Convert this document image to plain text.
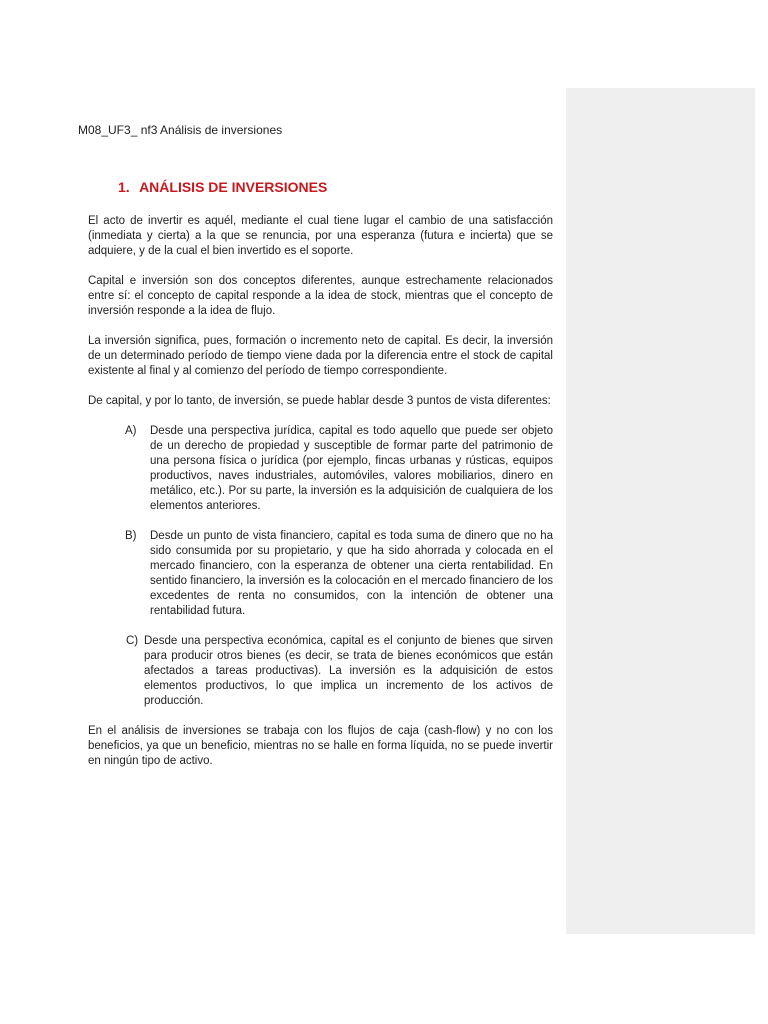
M08_UF3_ nf3 Análisis de inversiones
1. ANÁLISIS DE INVERSIONES

El acto de invertir es aquél, mediante el cual tiene lugar el cambio de una satisfacción (inmediata y cierta) a la que se renuncia, por una esperanza (futura e incierta) que se adquiere, y de la cual el bien invertido es el soporte.

Capital e inversión son dos conceptos diferentes, aunque estrechamente relacionados entre sí: el concepto de capital responde a la idea de stock, mientras que el concepto de inversión responde a la idea de flujo.

La inversión significa, pues, formación o incremento neto de capital. Es decir, la inversión de un determinado período de tiempo viene dada por la diferencia entre el stock de capital existente al final y al comienzo del período de tiempo correspondiente.

De capital, y por lo tanto, de inversión, se puede hablar desde 3 puntos de vista diferentes:

A) Desde una perspectiva jurídica, capital es todo aquello que puede ser objeto de un derecho de propiedad y susceptible de formar parte del patrimonio de una persona física o jurídica (por ejemplo, fincas urbanas y rústicas, equipos productivos, naves industriales, automóviles, valores mobiliarios, dinero en metálico, etc.). Por su parte, la inversión es la adquisición de cualquiera de los elementos anteriores.
B) Desde un punto de vista financiero, capital es toda suma de dinero que no ha sido consumida por su propietario, y que ha sido ahorrada y colocada en el mercado financiero, con la esperanza de obtener una cierta rentabilidad. En sentido financiero, la inversión es la colocación en el mercado financiero de los excedentes de renta no consumidos, con la intención de obtener una rentabilidad futura.
C) Desde una perspectiva económica, capital es el conjunto de bienes que sirven para producir otros bienes (es decir, se trata de bienes económicos que están afectados a tareas productivas). La inversión es la adquisición de estos elementos productivos, lo que implica un incremento de los activos de producción.

En el análisis de inversiones se trabaja con los flujos de caja (cash-flow) y no con los beneficios, ya que un beneficio, mientras no se halle en forma líquida, no se puede invertir en ningún tipo de activo.
